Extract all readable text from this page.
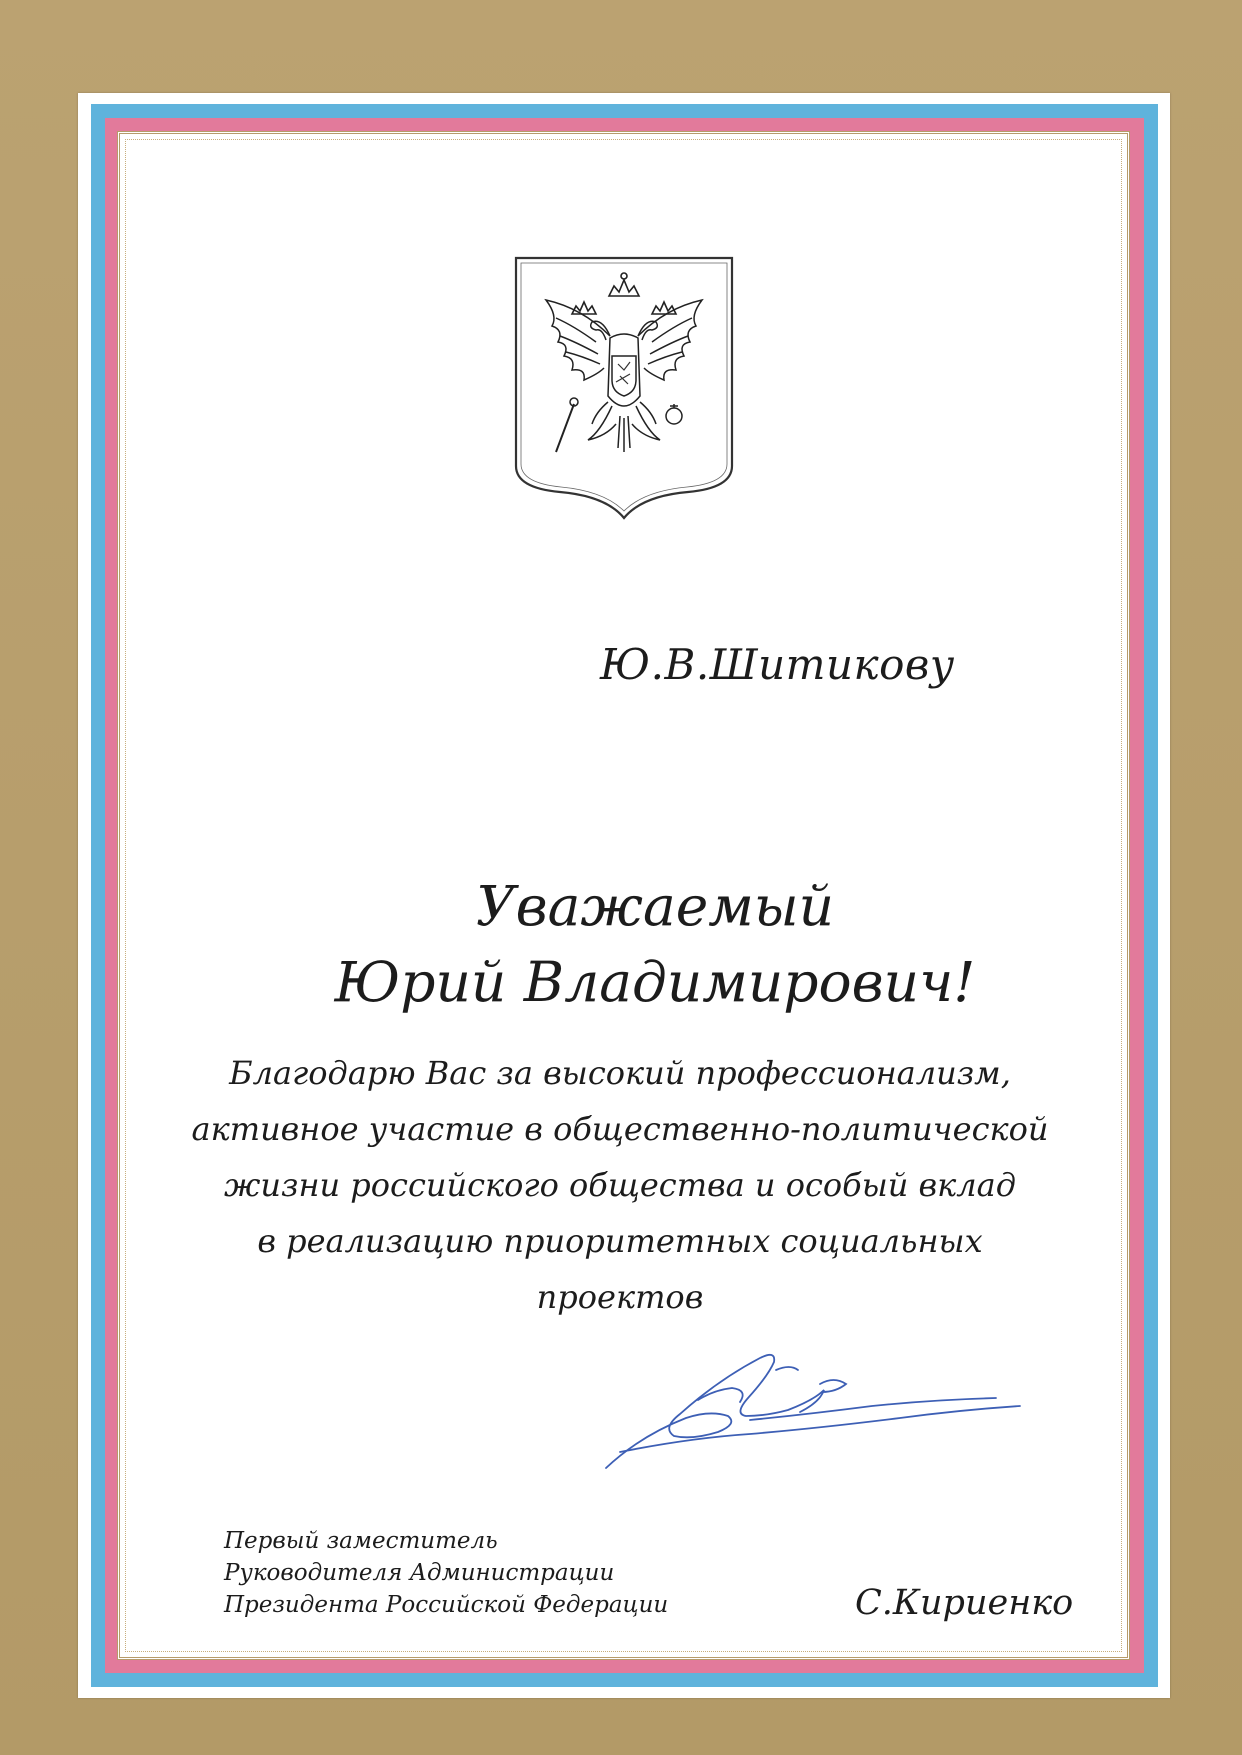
Ю.В.Шитикову
Уважаемый
Юрий Владимирович!
Благодарю Вас за высокий профессионализм,
активное участие в общественно-политической
жизни российского общества и особый вклад
в реализацию приоритетных социальных
проектов
Первый заместитель
Руководителя Администрации
Президента Российской Федерации	С.Кириенко
